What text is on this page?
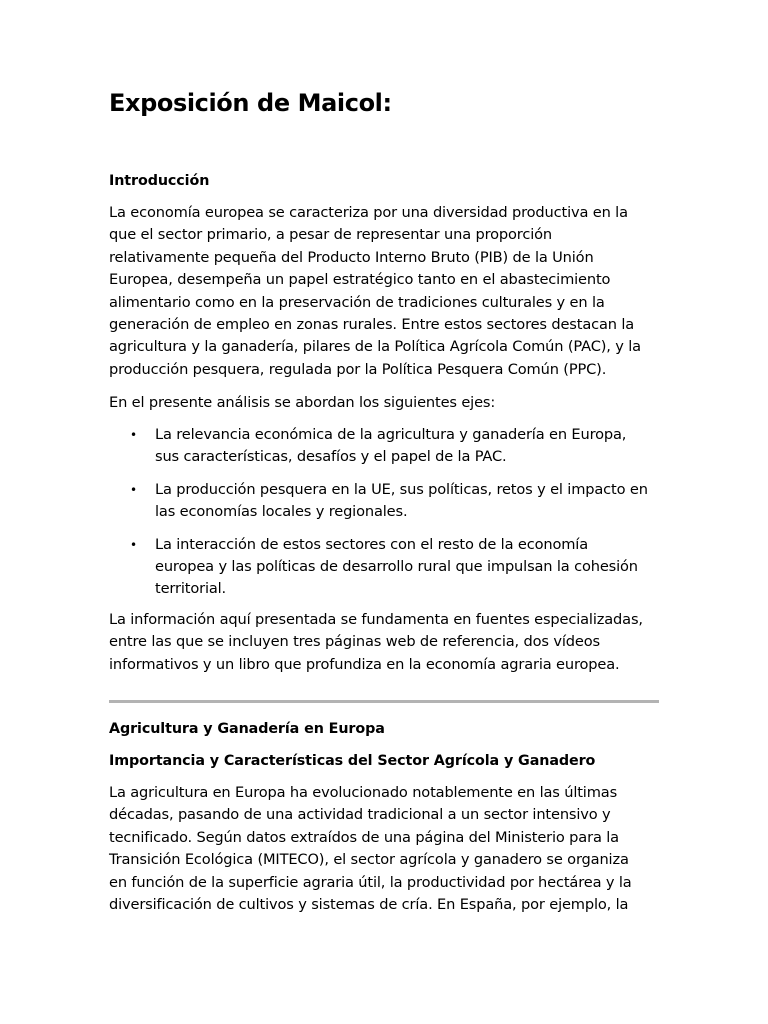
Exposición de Maicol:
Introducción
La economía europea se caracteriza por una diversidad productiva en la
que el sector primario, a pesar de representar una proporción
relativamente pequeña del Producto Interno Bruto (PIB) de la Unión
Europea, desempeña un papel estratégico tanto en el abastecimiento
alimentario como en la preservación de tradiciones culturales y en la
generación de empleo en zonas rurales. Entre estos sectores destacan la
agricultura y la ganadería, pilares de la Política Agrícola Común (PAC), y la
producción pesquera, regulada por la Política Pesquera Común (PPC).
En el presente análisis se abordan los siguientes ejes:
• La relevancia económica de la agricultura y ganadería en Europa,
sus características, desafíos y el papel de la PAC.
• La producción pesquera en la UE, sus políticas, retos y el impacto en
las economías locales y regionales.
• La interacción de estos sectores con el resto de la economía
europea y las políticas de desarrollo rural que impulsan la cohesión
territorial.
La información aquí presentada se fundamenta en fuentes especializadas,
entre las que se incluyen tres páginas web de referencia, dos vídeos
informativos y un libro que profundiza en la economía agraria europea.
Agricultura y Ganadería en Europa
Importancia y Características del Sector Agrícola y Ganadero
La agricultura en Europa ha evolucionado notablemente en las últimas
décadas, pasando de una actividad tradicional a un sector intensivo y
tecnificado. Según datos extraídos de una página del Ministerio para la
Transición Ecológica (MITECO), el sector agrícola y ganadero se organiza
en función de la superficie agraria útil, la productividad por hectárea y la
diversificación de cultivos y sistemas de cría. En España, por ejemplo, la
